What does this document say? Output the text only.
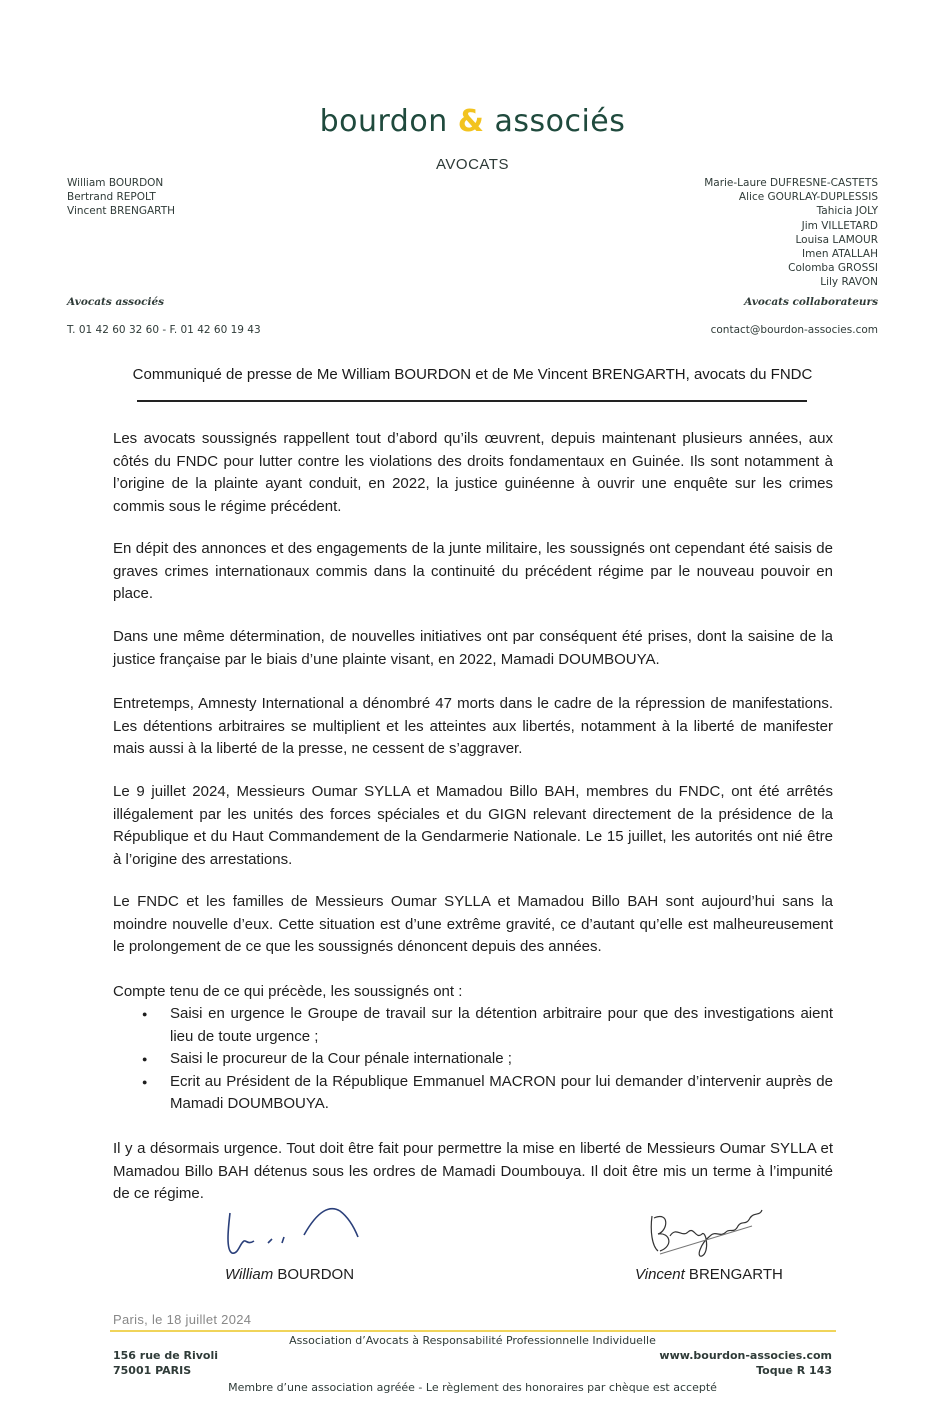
bourdon & associés
AVOCATS
William BOURDON
Bertrand REPOLT
Vincent BRENGARTH
Marie-Laure DUFRESNE-CASTETS
Alice GOURLAY-DUPLESSIS
Tahicia JOLY
Jim VILLETARD
Louisa LAMOUR
Imen ATALLAH
Colomba GROSSI
Lily RAVON
Avocats associés	Avocats collaborateurs
T. 01 42 60 32 60 - F. 01 42 60 19 43	contact@bourdon-associes.com
Communiqué de presse de Me William BOURDON et de Me Vincent BRENGARTH, avocats du FNDC

Les avocats soussignés rappellent tout d’abord qu’ils œuvrent, depuis maintenant plusieurs années, aux côtés du FNDC pour lutter contre les violations des droits fondamentaux en Guinée. Ils sont notamment à l’origine de la plainte ayant conduit, en 2022, la justice guinéenne à ouvrir une enquête sur les crimes commis sous le régime précédent.

En dépit des annonces et des engagements de la junte militaire, les soussignés ont cependant été saisis de graves crimes internationaux commis dans la continuité du précédent régime par le nouveau pouvoir en place.

Dans une même détermination, de nouvelles initiatives ont par conséquent été prises, dont la saisine de la justice française par le biais d’une plainte visant, en 2022, Mamadi DOUMBOUYA.

Entretemps, Amnesty International a dénombré 47 morts dans le cadre de la répression de manifestations. Les détentions arbitraires se multiplient et les atteintes aux libertés, notamment à la liberté de manifester mais aussi à la liberté de la presse, ne cessent de s’aggraver.

Le 9 juillet 2024, Messieurs Oumar SYLLA et Mamadou Billo BAH, membres du FNDC, ont été arrêtés illégalement par les unités des forces spéciales et du GIGN relevant directement de la présidence de la République et du Haut Commandement de la Gendarmerie Nationale. Le 15 juillet, les autorités ont nié être à l’origine des arrestations.

Le FNDC et les familles de Messieurs Oumar SYLLA et Mamadou Billo BAH sont aujourd’hui sans la moindre nouvelle d’eux. Cette situation est d’une extrême gravité, ce d’autant qu’elle est malheureusement le prolongement de ce que les soussignés dénoncent depuis des années.

Compte tenu de ce qui précède, les soussignés ont :

● Saisi en urgence le Groupe de travail sur la détention arbitraire pour que des investigations aient lieu de toute urgence ;
● Saisi le procureur de la Cour pénale internationale ;
● Ecrit au Président de la République Emmanuel MACRON pour lui demander d’intervenir auprès de Mamadi DOUMBOUYA.

Il y a désormais urgence. Tout doit être fait pour permettre la mise en liberté de Messieurs Oumar SYLLA et Mamadou Billo BAH détenus sous les ordres de Mamadi Doumbouya. Il doit être mis un terme à l’impunité de ce régime.

William BOURDON	Vincent BRENGARTH
Paris, le 18 juillet 2024
Association d’Avocats à Responsabilité Professionnelle Individuelle
156 rue de Rivoli
75001 PARIS
www.bourdon-associes.com
Toque R 143
Membre d’une association agréée - Le règlement des honoraires par chèque est accepté
